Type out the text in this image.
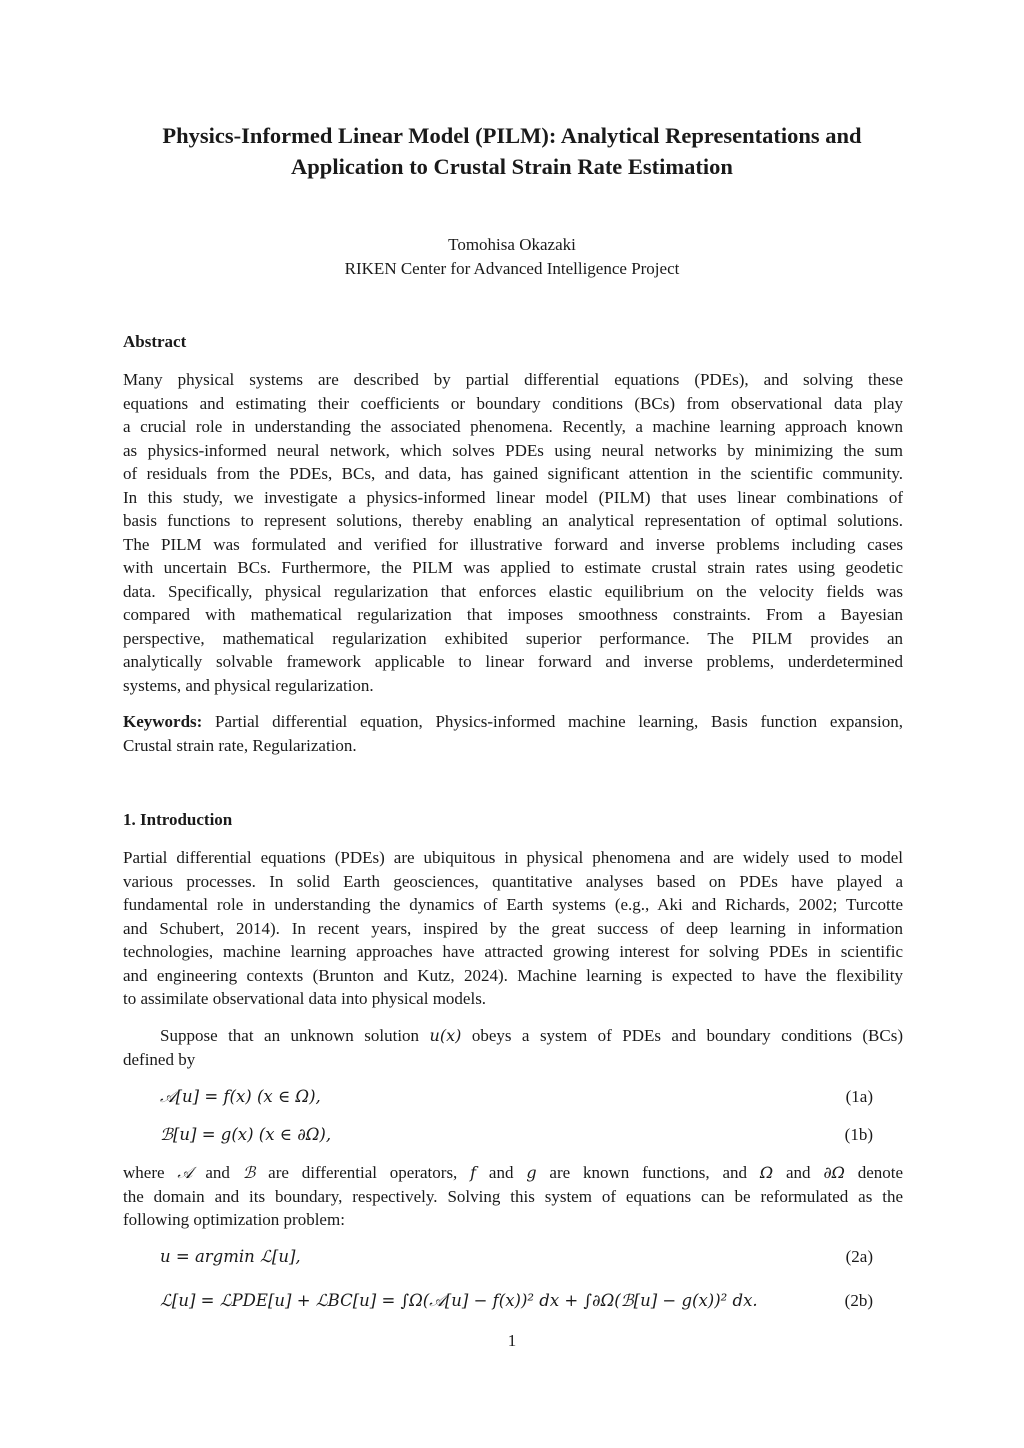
Physics-Informed Linear Model (PILM): Analytical Representations and
Application to Crustal Strain Rate Estimation
Tomohisa Okazaki
RIKEN Center for Advanced Intelligence Project
Abstract
Many physical systems are described by partial differential equations (PDEs), and solving these
equations and estimating their coefficients or boundary conditions (BCs) from observational data play
a crucial role in understanding the associated phenomena. Recently, a machine learning approach known
as physics-informed neural network, which solves PDEs using neural networks by minimizing the sum
of residuals from the PDEs, BCs, and data, has gained significant attention in the scientific community.
In this study, we investigate a physics-informed linear model (PILM) that uses linear combinations of
basis functions to represent solutions, thereby enabling an analytical representation of optimal solutions.
The PILM was formulated and verified for illustrative forward and inverse problems including cases
with uncertain BCs. Furthermore, the PILM was applied to estimate crustal strain rates using geodetic
data. Specifically, physical regularization that enforces elastic equilibrium on the velocity fields was
compared with mathematical regularization that imposes smoothness constraints. From a Bayesian
perspective, mathematical regularization exhibited superior performance. The PILM provides an
analytically solvable framework applicable to linear forward and inverse problems, underdetermined
systems, and physical regularization.
Keywords: Partial differential equation, Physics-informed machine learning, Basis function expansion,
Crustal strain rate, Regularization.
1. Introduction
Partial differential equations (PDEs) are ubiquitous in physical phenomena and are widely used to model
various processes. In solid Earth geosciences, quantitative analyses based on PDEs have played a
fundamental role in understanding the dynamics of Earth systems (e.g., Aki and Richards, 2002; Turcotte
and Schubert, 2014). In recent years, inspired by the great success of deep learning in information
technologies, machine learning approaches have attracted growing interest for solving PDEs in scientific
and engineering contexts (Brunton and Kutz, 2024). Machine learning is expected to have the flexibility
to assimilate observational data into physical models.
Suppose that an unknown solution u(x) obeys a system of PDEs and boundary conditions (BCs)
defined by
𝒜[u] = f(x) (x ∈ Ω),	(1a)
ℬ[u] = g(x) (x ∈ ∂Ω),	(1b)
where 𝒜 and ℬ are differential operators, f and g are known functions, and Ω and ∂Ω denote
the domain and its boundary, respectively. Solving this system of equations can be reformulated as the
following optimization problem:
u = argmin ℒ[u],	(2a)
ℒ[u] = ℒPDE[u] + ℒBC[u] = ∫Ω(𝒜[u] − f(x))² dx + ∫∂Ω(ℬ[u] − g(x))² dx.	(2b)
1
